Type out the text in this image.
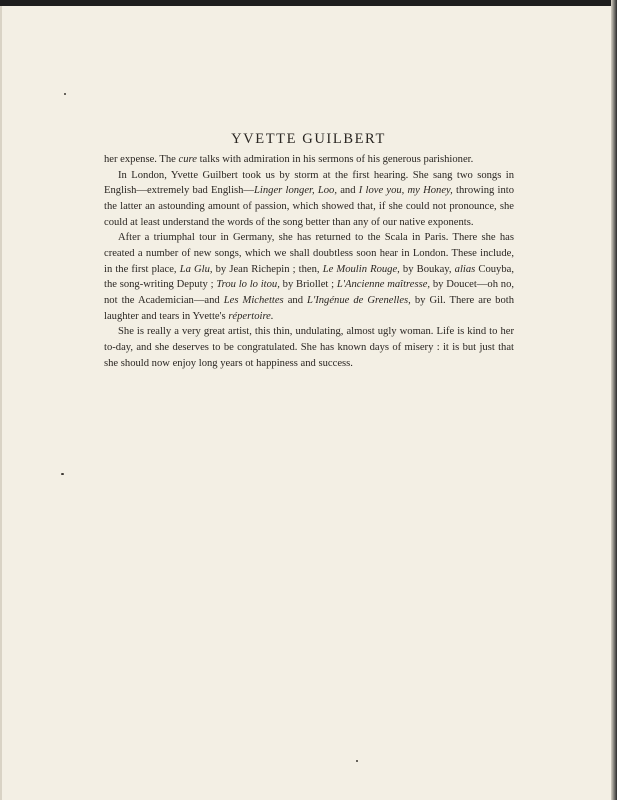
YVETTE GUILBERT

her expense. The cure talks with admiration in his sermons of his generous parishioner.

In London, Yvette Guilbert took us by storm at the first hearing. She sang two songs in English—extremely bad English—Linger longer, Loo, and I love you, my Honey, throwing into the latter an astounding amount of passion, which showed that, if she could not pronounce, she could at least understand the words of the song better than any of our native exponents.

After a triumphal tour in Germany, she has returned to the Scala in Paris. There she has created a number of new songs, which we shall doubtless soon hear in London. These include, in the first place, La Glu, by Jean Richepin ; then, Le Moulin Rouge, by Boukay, alias Couyba, the song-writing Deputy ; Trou lo lo itou, by Briollet ; L'Ancienne maîtresse, by Doucet—oh no, not the Academician—and Les Michettes and L'Ingénue de Grenelles, by Gil. There are both laughter and tears in Yvette's répertoire.

She is really a very great artist, this thin, undulating, almost ugly woman. Life is kind to her to-day, and she deserves to be congratulated. She has known days of misery : it is but just that she should now enjoy long years ot happiness and success.
